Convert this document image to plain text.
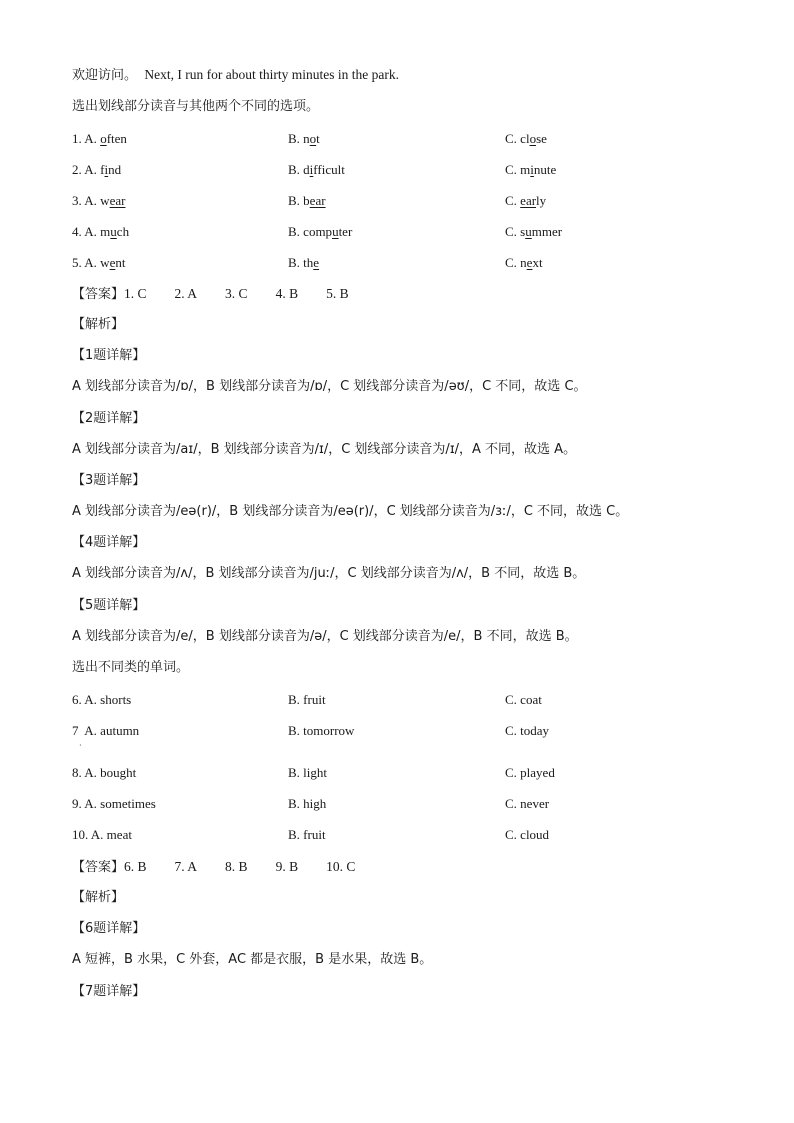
欢迎访问。 Next, I run for about thirty minutes in the park.
选出划线部分读音与其他两个不同的选项。
1. A. often	B. not	C. close
2. A. find	B. difficult	C. minute
3. A. wear	B. bear	C. early
4. A. much	B. computer	C. summer
5. A. went	B. the	C. next
【答案】1. C 2. A 3. C 4. B 5. B
【解析】
【1题详解】
A 划线部分读音为/ɒ/，B 划线部分读音为/ɒ/，C 划线部分读音为/əʊ/，C 不同，故选 C。
【2题详解】
A 划线部分读音为/aɪ/，B 划线部分读音为/ɪ/，C 划线部分读音为/ɪ/，A 不同，故选 A。
【3题详解】
A 划线部分读音为/eə(r)/，B 划线部分读音为/eə(r)/，C 划线部分读音为/ɜː/，C 不同，故选 C。
【4题详解】
A 划线部分读音为/ʌ/，B 划线部分读音为/juː/，C 划线部分读音为/ʌ/，B 不同，故选 B。
【5题详解】
A 划线部分读音为/e/，B 划线部分读音为/ə/，C 划线部分读音为/e/，B 不同，故选 B。
选出不同类的单词。
6. A. shorts	B. fruit	C. coat
7 A. autumn	B. tomorrow	C. today
·
8. A. bought	B. light	C. played
9. A. sometimes	B. high	C. never
10. A. meat	B. fruit	C. cloud
【答案】6. B 7. A 8. B 9. B 10. C
【解析】
【6题详解】
A 短裤，B 水果，C 外套，AC 都是衣服，B 是水果，故选 B。
【7题详解】
